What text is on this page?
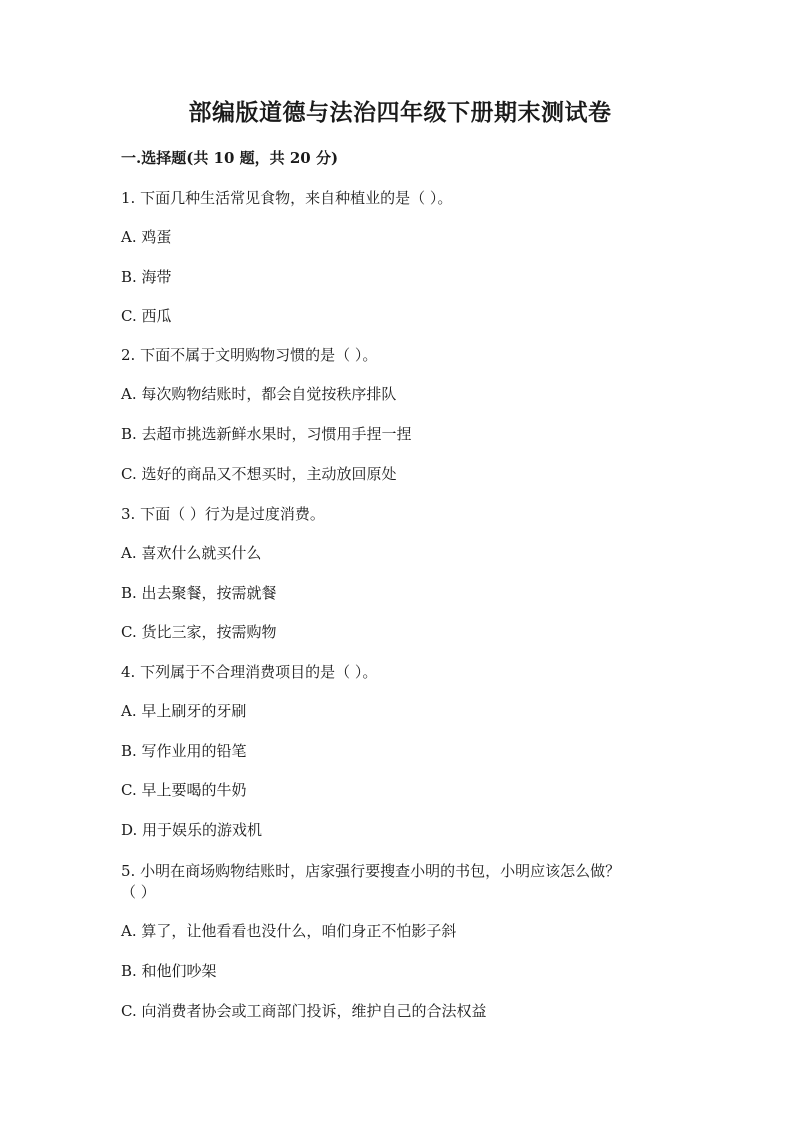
部编版道德与法治四年级下册期末测试卷

一.选择题(共 10 题，共 20 分)

1. 下面几种生活常见食物，来自种植业的是（ ）。

A. 鸡蛋

B. 海带

C. 西瓜

2. 下面不属于文明购物习惯的是（ ）。

A. 每次购物结账时，都会自觉按秩序排队

B. 去超市挑选新鲜水果时，习惯用手捏一捏

C. 选好的商品又不想买时，主动放回原处

3. 下面（ ）行为是过度消费。

A. 喜欢什么就买什么

B. 出去聚餐，按需就餐

C. 货比三家，按需购物

4. 下列属于不合理消费项目的是（ ）。

A. 早上刷牙的牙刷

B. 写作业用的铅笔

C. 早上要喝的牛奶

D. 用于娱乐的游戏机

5. 小明在商场购物结账时，店家强行要搜查小明的书包，小明应该怎么做？

（ ）

A. 算了，让他看看也没什么，咱们身正不怕影子斜

B. 和他们吵架

C. 向消费者协会或工商部门投诉，维护自己的合法权益
